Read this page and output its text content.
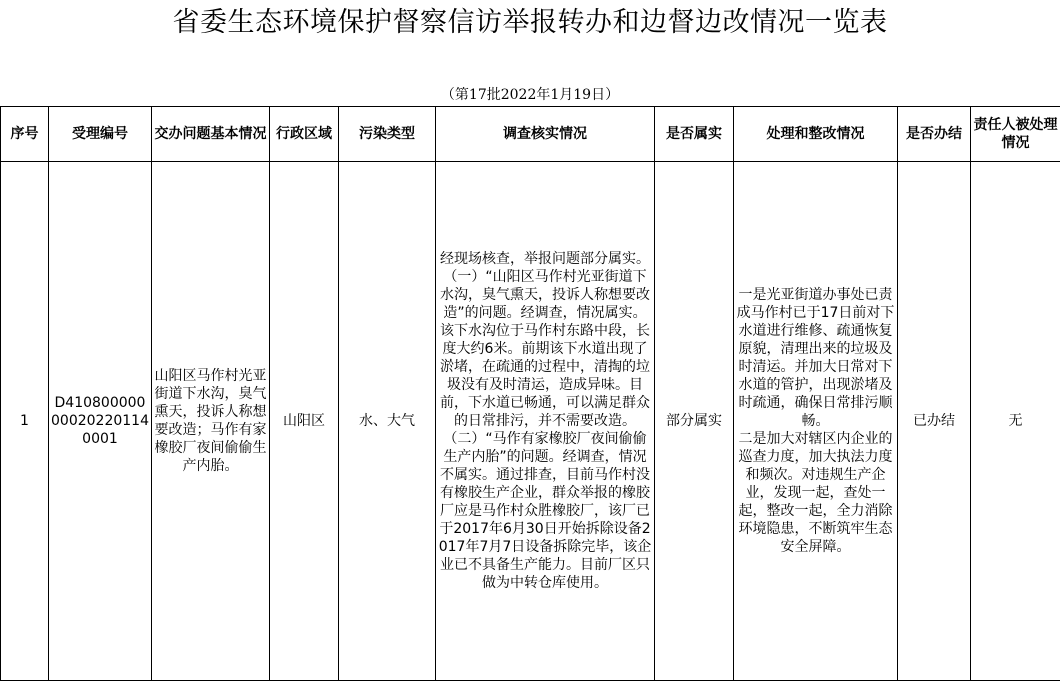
省委生态环境保护督察信访举报转办和边督边改情况一览表
（第17批2022年1月19日）
序号	受理编号	交办问题基本情况	行政区域	污染类型	调查核实情况	是否属实	处理和整改情况	是否办结	责任人被处理情况
1	D410800000000202201140001	山阳区马作村光亚街道下水沟，臭气熏天，投诉人称想要改造；马作有家橡胶厂夜间偷偷生产内胎。	山阳区	水、大气	经现场核查，举报问题部分属实。
（一）“山阳区马作村光亚街道下水沟，臭气熏天，投诉人称想要改造”的问题。经调查，情况属实。该下水沟位于马作村东路中段，长度大约6米。前期该下水道出现了淤堵，在疏通的过程中，清掏的垃圾没有及时清运，造成异味。目前，下水道已畅通，可以满足群众的日常排污，并不需要改造。
（二）“马作有家橡胶厂夜间偷偷生产内胎”的问题。经调查，情况不属实。通过排查，目前马作村没有橡胶生产企业，群众举报的橡胶厂应是马作村众胜橡胶厂，该厂已于2017年6月30日开始拆除设备2017年7月7日设备拆除完毕，该企业已不具备生产能力。目前厂区只做为中转仓库使用。	部分属实	一是光亚街道办事处已责成马作村已于17日前对下水道进行维修、疏通恢复原貌，清理出来的垃圾及时清运。并加大日常对下水道的管护，出现淤堵及时疏通，确保日常排污顺畅。
二是加大对辖区内企业的巡查力度，加大执法力度和频次。对违规生产企业，发现一起，查处一起，整改一起，全力消除环境隐患，不断筑牢生态安全屏障。	已办结	无
